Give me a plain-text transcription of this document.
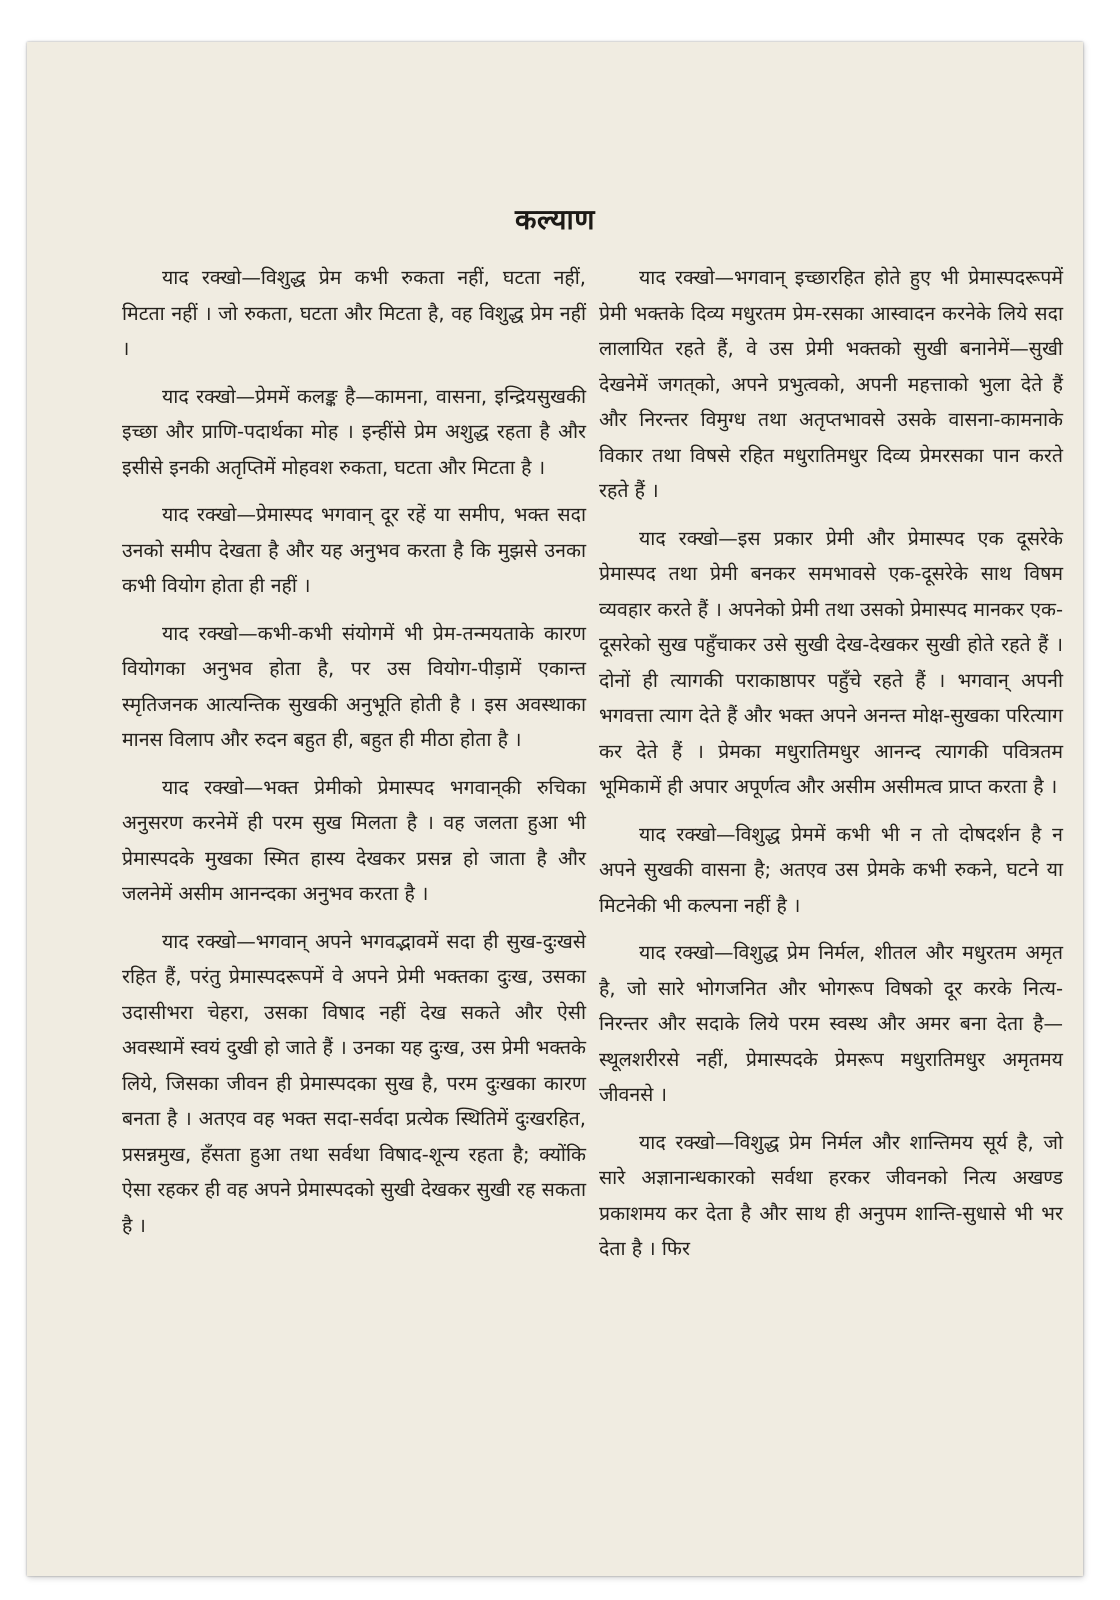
कल्याण

याद रक्खो—विशुद्ध प्रेम कभी रुकता नहीं, घटता नहीं, मिटता नहीं । जो रुकता, घटता और मिटता है, वह विशुद्ध प्रेम नहीं ।

याद रक्खो—प्रेममें कलङ्क है—कामना, वासना, इन्द्रियसुखकी इच्छा और प्राणि-पदार्थका मोह । इन्हींसे प्रेम अशुद्ध रहता है और इसीसे इनकी अतृप्तिमें मोहवश रुकता, घटता और मिटता है ।

याद रक्खो—प्रेमास्पद भगवान् दूर रहें या समीप, भक्त सदा उनको समीप देखता है और यह अनुभव करता है कि मुझसे उनका कभी वियोग होता ही नहीं ।

याद रक्खो—कभी-कभी संयोगमें भी प्रेम-तन्मयताके कारण वियोगका अनुभव होता है, पर उस वियोग-पीड़ामें एकान्त स्मृतिजनक आत्यन्तिक सुखकी अनुभूति होती है । इस अवस्थाका मानस विलाप और रुदन बहुत ही, बहुत ही मीठा होता है ।

याद रक्खो—भक्त प्रेमीको प्रेमास्पद भगवान्‌की रुचिका अनुसरण करनेमें ही परम सुख मिलता है । वह जलता हुआ भी प्रेमास्पदके मुखका स्मित हास्य देखकर प्रसन्न हो जाता है और जलनेमें असीम आनन्दका अनुभव करता है ।

याद रक्खो—भगवान् अपने भगवद्भावमें सदा ही सुख-दुःखसे रहित हैं, परंतु प्रेमास्पदरूपमें वे अपने प्रेमी भक्तका दुःख, उसका उदासीभरा चेहरा, उसका विषाद नहीं देख सकते और ऐसी अवस्थामें स्वयं दुखी हो जाते हैं । उनका यह दुःख, उस प्रेमी भक्तके लिये, जिसका जीवन ही प्रेमास्पदका सुख है, परम दुःखका कारण बनता है । अतएव वह भक्त सदा-सर्वदा प्रत्येक स्थितिमें दुःखरहित, प्रसन्नमुख, हँसता हुआ तथा सर्वथा विषाद-शून्य रहता है; क्योंकि ऐसा रहकर ही वह अपने प्रेमास्पदको सुखी देखकर सुखी रह सकता है ।

याद रक्खो—भगवान् इच्छारहित होते हुए भी प्रेमास्पदरूपमें प्रेमी भक्तके दिव्य मधुरतम प्रेम-रसका आस्वादन करनेके लिये सदा लालायित रहते हैं, वे उस प्रेमी भक्तको सुखी बनानेमें—सुखी देखनेमें जगत्‌को, अपने प्रभुत्वको, अपनी महत्ताको भुला देते हैं और निरन्तर विमुग्ध तथा अतृप्तभावसे उसके वासना-कामनाके विकार तथा विषसे रहित मधुरातिमधुर दिव्य प्रेमरसका पान करते रहते हैं ।

याद रक्खो—इस प्रकार प्रेमी और प्रेमास्पद एक दूसरेके प्रेमास्पद तथा प्रेमी बनकर समभावसे एक-दूसरेके साथ विषम व्यवहार करते हैं । अपनेको प्रेमी तथा उसको प्रेमास्पद मानकर एक-दूसरेको सुख पहुँचाकर उसे सुखी देख-देखकर सुखी होते रहते हैं । दोनों ही त्यागकी पराकाष्ठापर पहुँचे रहते हैं । भगवान् अपनी भगवत्ता त्याग देते हैं और भक्त अपने अनन्त मोक्ष-सुखका परित्याग कर देते हैं । प्रेमका मधुरातिमधुर आनन्द त्यागकी पवित्रतम भूमिकामें ही अपार अपूर्णत्व और असीम असीमत्व प्राप्त करता है ।

याद रक्खो—विशुद्ध प्रेममें कभी भी न तो दोषदर्शन है न अपने सुखकी वासना है; अतएव उस प्रेमके कभी रुकने, घटने या मिटनेकी भी कल्पना नहीं है ।

याद रक्खो—विशुद्ध प्रेम निर्मल, शीतल और मधुरतम अमृत है, जो सारे भोगजनित और भोगरूप विषको दूर करके नित्य-निरन्तर और सदाके लिये परम स्वस्थ और अमर बना देता है—स्थूलशरीरसे नहीं, प्रेमास्पदके प्रेमरूप मधुरातिमधुर अमृतमय जीवनसे ।

याद रक्खो—विशुद्ध प्रेम निर्मल और शान्तिमय सूर्य है, जो सारे अज्ञानान्धकारको सर्वथा हरकर जीवनको नित्य अखण्ड प्रकाशमय कर देता है और साथ ही अनुपम शान्ति-सुधासे भी भर देता है । फिर
